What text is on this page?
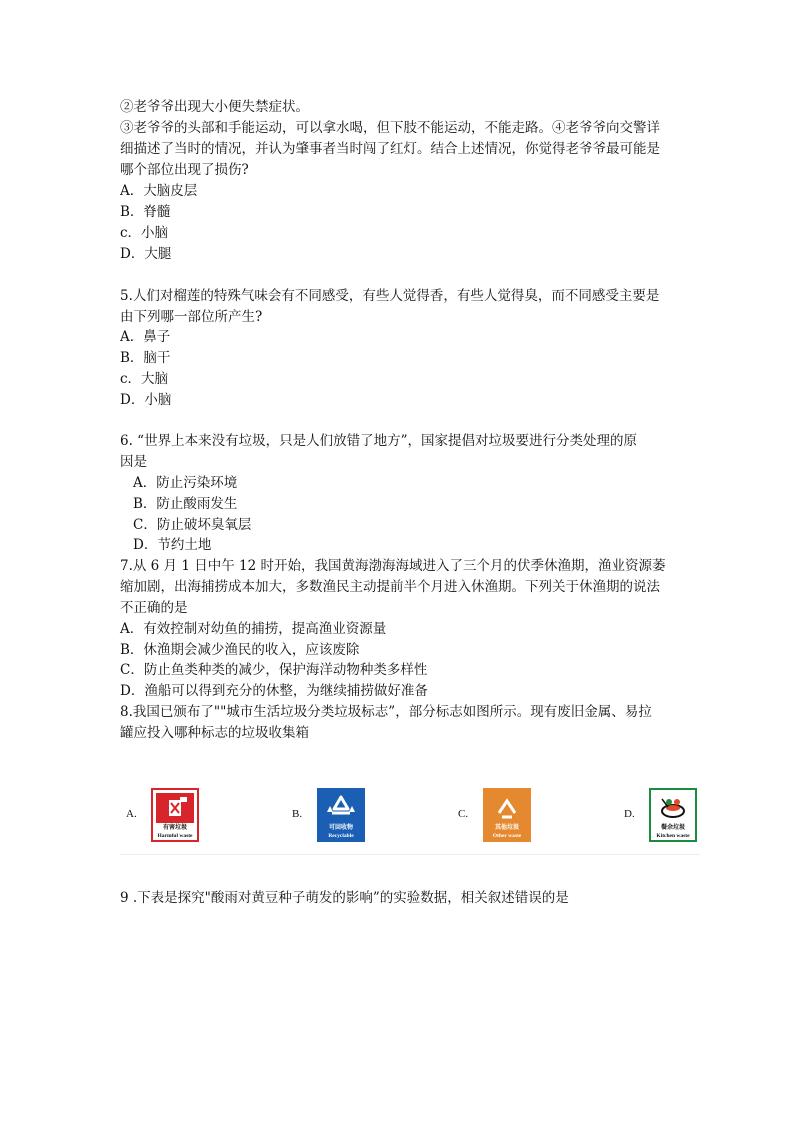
②老爷爷出现大小便失禁症状。
③老爷爷的头部和手能运动，可以拿水喝，但下肢不能运动，不能走路。④老爷爷向交警详
细描述了当时的情况，并认为肇事者当时闯了红灯。结合上述情况，你觉得老爷爷最可能是
哪个部位出现了损伤?
A．大脑皮层
B．脊髓
c．小脑
D．大腿
5.人们对榴莲的特殊气味会有不同感受，有些人觉得香，有些人觉得臭，而不同感受主要是
由下列哪一部位所产生?
A．鼻子
B．脑干
c．大脑
D．小脑
6. “世界上本来没有垃圾，只是人们放错了地方”，国家提倡对垃圾要进行分类处理的原
因是
A．防止污染环境
B．防止酸雨发生
C．防止破坏臭氧层
D．节约土地
7.从 6 月 1 日中午 12 时开始，我国黄海渤海海域进入了三个月的伏季休渔期，渔业资源萎
缩加剧，出海捕捞成本加大，多数渔民主动提前半个月进入休渔期。下列关于休渔期的说法
不正确的是
A．有效控制对幼鱼的捕捞，提高渔业资源量
B．休渔期会减少渔民的收入，应该废除
C．防止鱼类种类的减少，保护海洋动物种类多样性
D．渔船可以得到充分的休整，为继续捕捞做好准备
8.我国已颁布了""城市生活垃圾分类垃圾标志”，部分标志如图所示。现有废旧金属、易拉
罐应投入哪种标志的垃圾收集箱
A.
有害垃圾
Harmful waste
B.
可回收物
Recyclable
C.
其他垃圾
Other waste
D.
餐余垃圾
Kitchen waste
9 .下表是探究"酸雨对黄豆种子萌发的影响”的实验数据，相关叙述错误的是
